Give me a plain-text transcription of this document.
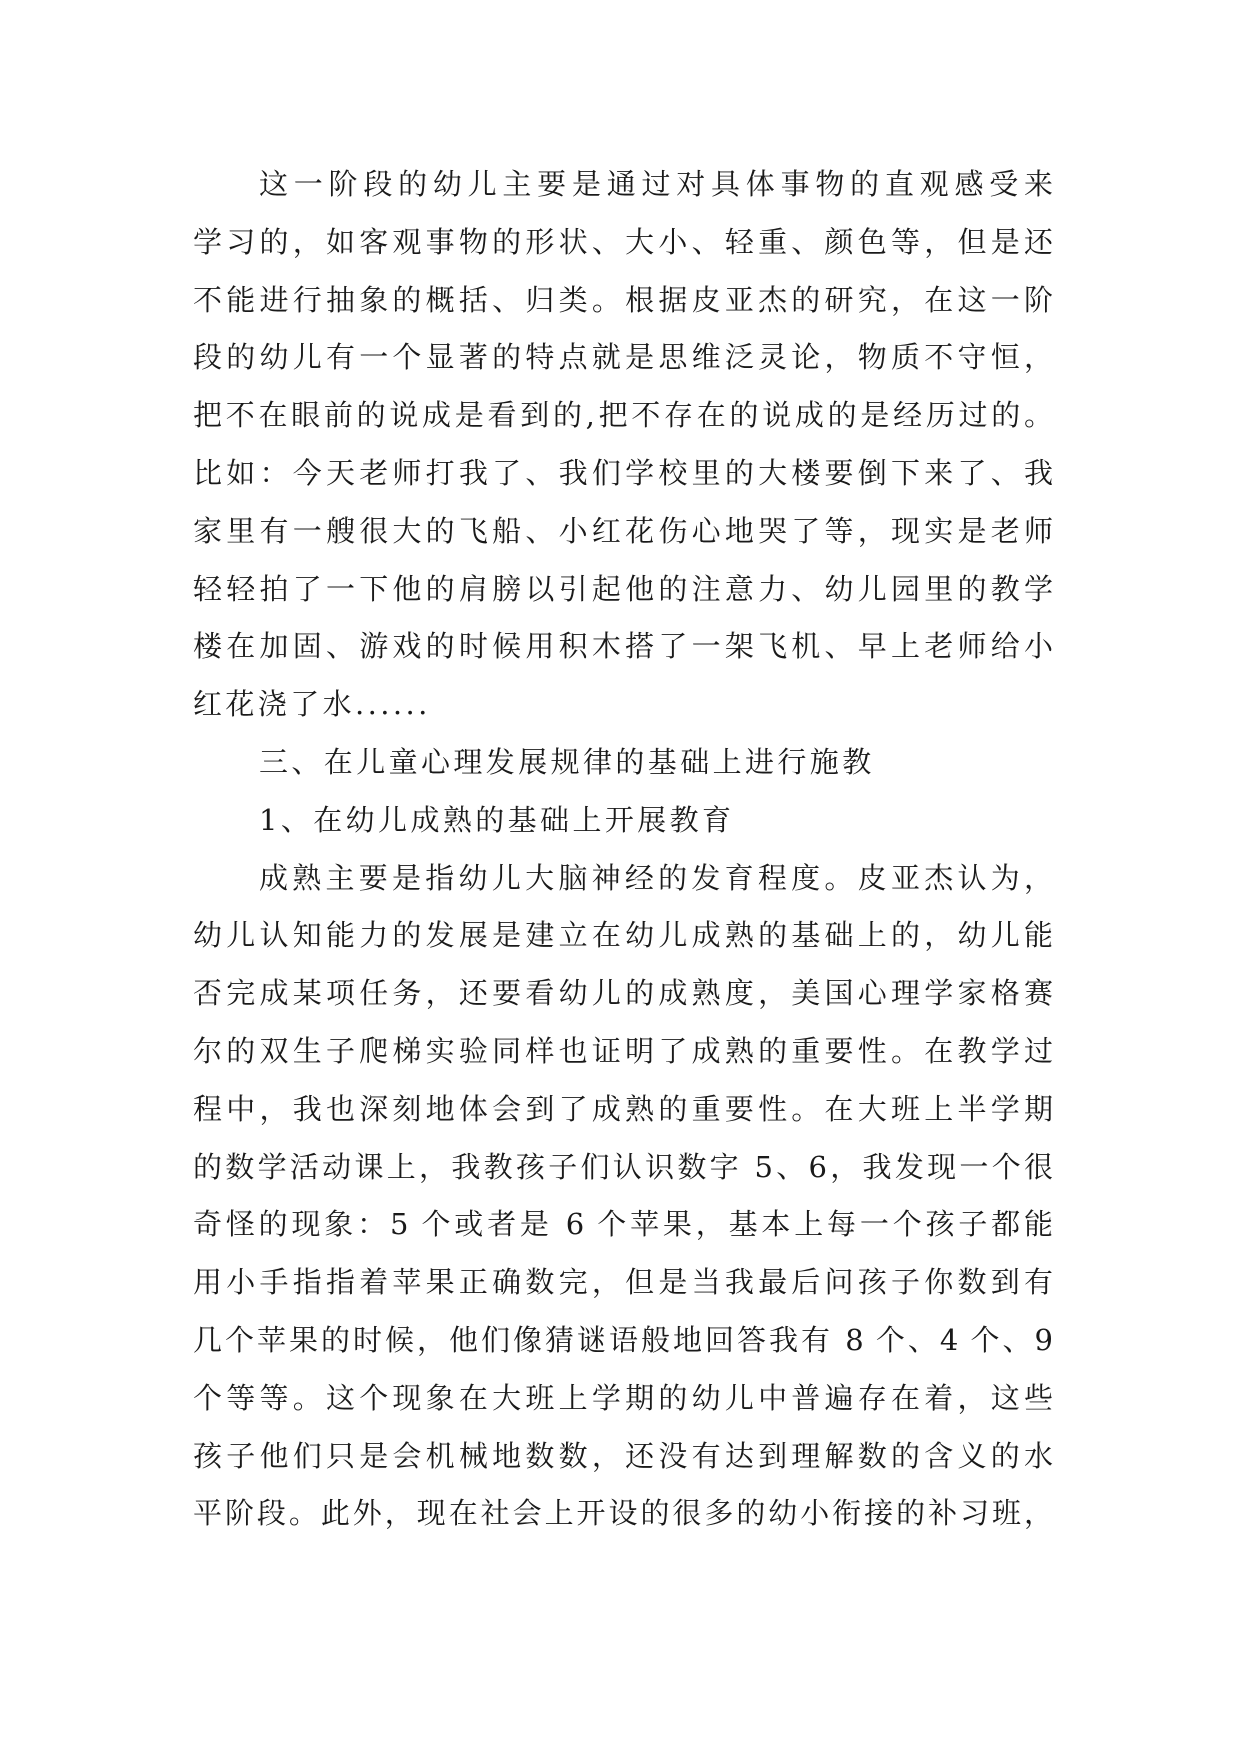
这一阶段的幼儿主要是通过对具体事物的直观感受来
学习的，如客观事物的形状、大小、轻重、颜色等，但是还
不能进行抽象的概括、归类。根据皮亚杰的研究，在这一阶
段的幼儿有一个显著的特点就是思维泛灵论，物质不守恒，
把不在眼前的说成是看到的,把不存在的说成的是经历过的。
比如：今天老师打我了、我们学校里的大楼要倒下来了、我
家里有一艘很大的飞船、小红花伤心地哭了等，现实是老师
轻轻拍了一下他的肩膀以引起他的注意力、幼儿园里的教学
楼在加固、游戏的时候用积木搭了一架飞机、早上老师给小
红花浇了水......
三、在儿童心理发展规律的基础上进行施教
1、在幼儿成熟的基础上开展教育
成熟主要是指幼儿大脑神经的发育程度。皮亚杰认为，
幼儿认知能力的发展是建立在幼儿成熟的基础上的，幼儿能
否完成某项任务，还要看幼儿的成熟度，美国心理学家格赛
尔的双生子爬梯实验同样也证明了成熟的重要性。在教学过
程中，我也深刻地体会到了成熟的重要性。在大班上半学期
的数学活动课上，我教孩子们认识数字 5、6，我发现一个很
奇怪的现象：5 个或者是 6 个苹果，基本上每一个孩子都能
用小手指指着苹果正确数完，但是当我最后问孩子你数到有
几个苹果的时候，他们像猜谜语般地回答我有 8 个、4 个、9
个等等。这个现象在大班上学期的幼儿中普遍存在着，这些
孩子他们只是会机械地数数，还没有达到理解数的含义的水
平阶段。此外，现在社会上开设的很多的幼小衔接的补习班，
